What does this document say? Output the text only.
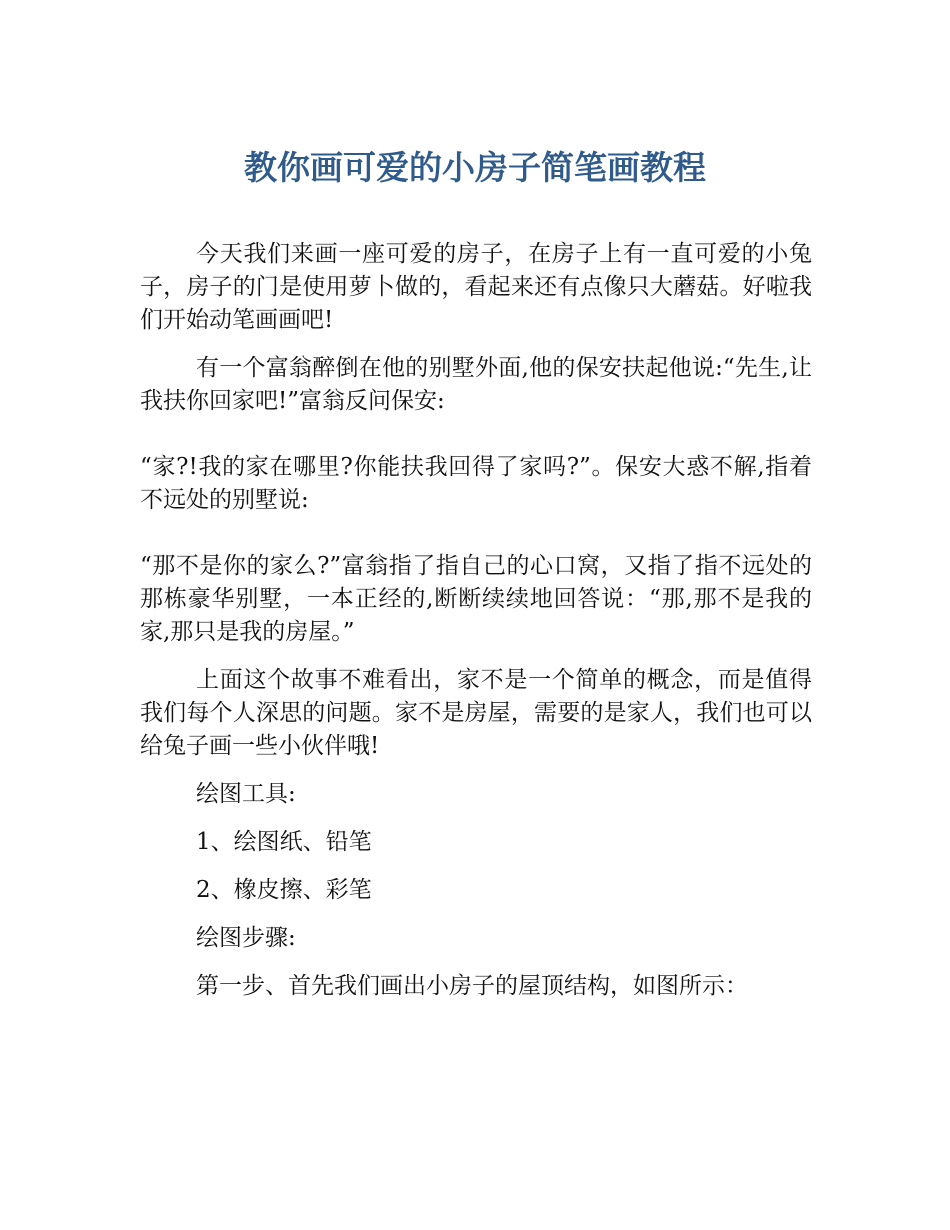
教你画可爱的小房子简笔画教程

今天我们来画一座可爱的房子，在房子上有一直可爱的小兔子，房子的门是使用萝卜做的，看起来还有点像只大蘑菇。好啦我们开始动笔画画吧!

有一个富翁醉倒在他的别墅外面,他的保安扶起他说:“先生,让我扶你回家吧!”富翁反问保安:

“家?!我的家在哪里?你能扶我回得了家吗?”。保安大惑不解,指着不远处的别墅说:

“那不是你的家么?”富翁指了指自己的心口窝，又指了指不远处的那栋豪华别墅，一本正经的,断断续续地回答说：“那,那不是我的家,那只是我的房屋。”

上面这个故事不难看出，家不是一个简单的概念，而是值得我们每个人深思的问题。家不是房屋，需要的是家人，我们也可以给兔子画一些小伙伴哦!

绘图工具:

1、绘图纸、铅笔

2、橡皮擦、彩笔

绘图步骤:

第一步、首先我们画出小房子的屋顶结构，如图所示：
